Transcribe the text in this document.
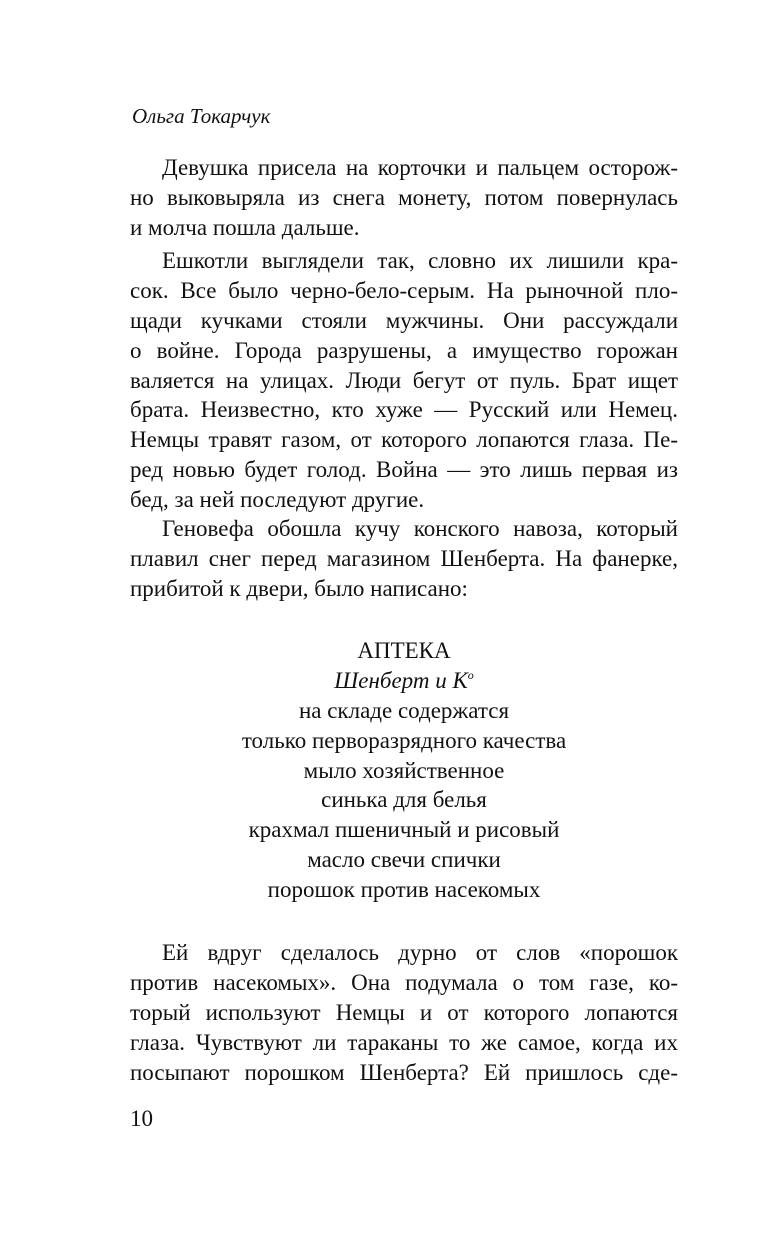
Ольга Токарчук
Девушка присела на корточки и пальцем осторож-
но выковыряла из снега монету, потом повернулась
и молча пошла дальше.
Ешкотли выглядели так, словно их лишили кра-
сок. Все было черно-бело-серым. На рыночной пло-
щади кучками стояли мужчины. Они рассуждали
о войне. Города разрушены, а имущество горожан
валяется на улицах. Люди бегут от пуль. Брат ищет
брата. Неизвестно, кто хуже — Русский или Немец.
Немцы травят газом, от которого лопаются глаза. Пе-
ред новью будет голод. Война — это лишь первая из
бед, за ней последуют другие.
Геновефа обошла кучу конского навоза, который
плавил снег перед магазином Шенберта. На фанерке,
прибитой к двери, было написано:
АПТЕКА
Шенберт и $К^о$
на складе содержатся
только перворазрядного качества
мыло хозяйственное
синька для белья
крахмал пшеничный и рисовый
масло свечи спички
порошок против насекомых
Ей вдруг сделалось дурно от слов «порошок
против насекомых». Она подумала о том газе, ко-
торый используют Немцы и от которого лопаются
глаза. Чувствуют ли тараканы то же самое, когда их
посыпают порошком Шенберта? Ей пришлось сде-
10
